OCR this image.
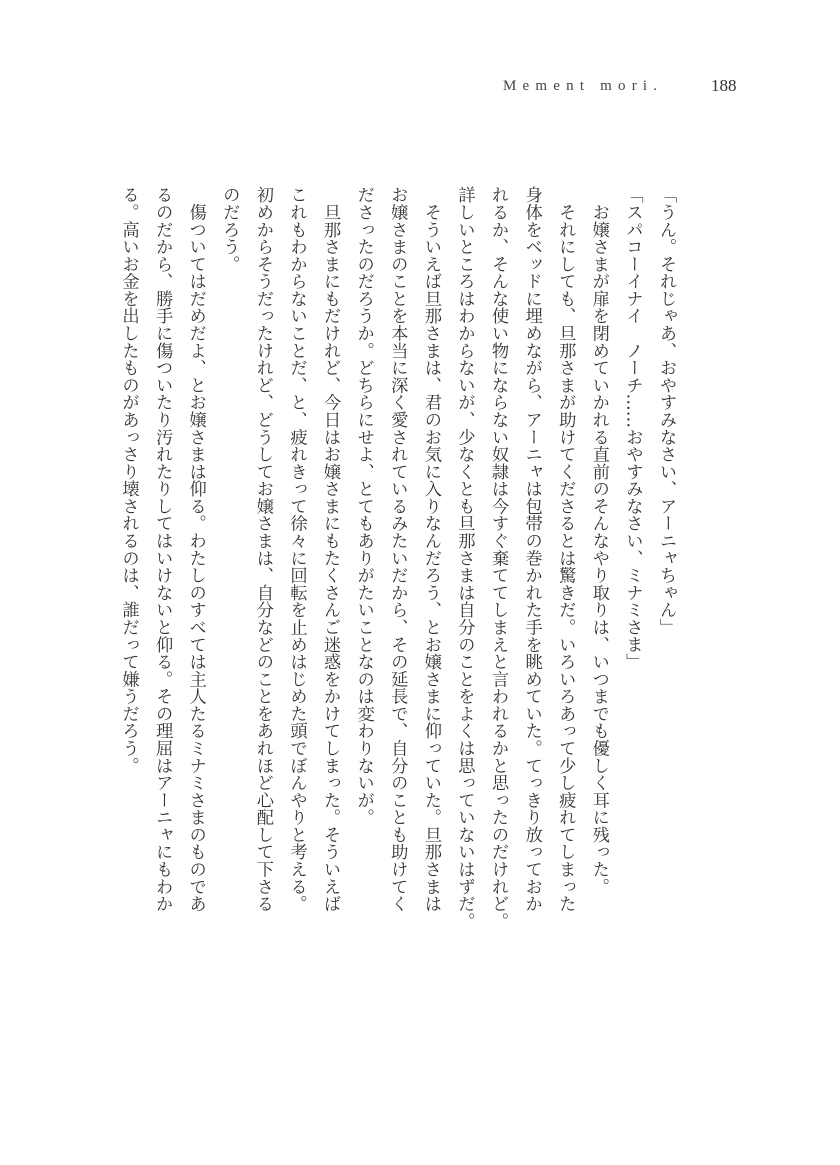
Mement mori.	188
「うん。それじゃあ、おやすみなさい、アーニャちゃん」
「スパコーイナイ　ノーチ……おやすみなさい、ミナミさま」
　お嬢さまが扉を閉めていかれる直前のそんなやり取りは、いつまでも優しく耳に残った。
　それにしても、旦那さまが助けてくださるとは驚きだ。いろいろあって少し疲れてしまった
身体をベッドに埋めながら、アーニャは包帯の巻かれた手を眺めていた。てっきり放っておか
れるか、そんな使い物にならない奴隷は今すぐ棄ててしまえと言われるかと思ったのだけれど。
詳しいところはわからないが、少なくとも旦那さまは自分のことをよくは思っていないはずだ。
　そういえば旦那さまは、君のお気に入りなんだろう、とお嬢さまに仰っていた。旦那さまは
お嬢さまのことを本当に深く愛されているみたいだから、その延長で、自分のことも助けてく
ださったのだろうか。どちらにせよ、とてもありがたいことなのは変わりないが。
　旦那さまにもだけれど、今日はお嬢さまにもたくさんご迷惑をかけてしまった。そういえば
これもわからないことだ、と、疲れきって徐々に回転を止めはじめた頭でぼんやりと考える。
初めからそうだったけれど、どうしてお嬢さまは、自分などのことをあれほど心配して下さる
のだろう。
　傷ついてはだめだよ、とお嬢さまは仰る。わたしのすべては主人たるミナミさまのものであ
るのだから、勝手に傷ついたり汚れたりしてはいけないと仰る。その理屈はアーニャにもわか
る。高いお金を出したものがあっさり壊されるのは、誰だって嫌うだろう。
